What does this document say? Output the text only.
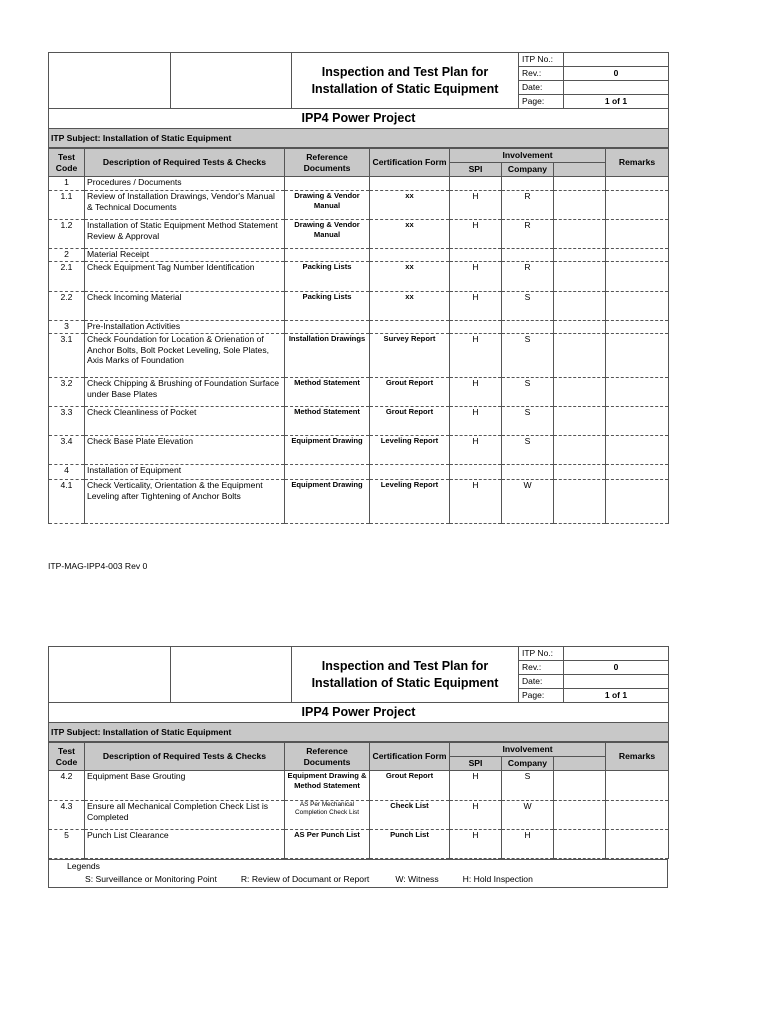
		Inspection and Test Plan for
Installation of Static Equipment	ITP No.:	
			Rev.:	0
			Date:	
			Page:	1 of 1
IPP4 Power Project				
ITP Subject: Installation of Static Equipment				
Test Code	Description of Required Tests & Checks	Reference Documents	Certification Form	Involvement			Remarks
				SPI	Company		
1	Procedures / Documents						
1.1	Review of Installation Drawings, Vendor's Manual & Technical Documents	Drawing & Vendor Manual	xx	H	R		
1.2	Installation of Static Equipment Method Statement Review & Approval	Drawing & Vendor Manual	xx	H	R		
2	Material Receipt						
2.1	Check Equipment Tag Number Identification	Packing Lists	xx	H	R		
2.2	Check Incoming Material	Packing Lists	xx	H	S		
3	Pre-Installation Activities						
3.1	Check Foundation for Location & Orienation of Anchor Bolts, Bolt Pocket Leveling, Sole Plates, Axis Marks of Foundation	Installation Drawings	Survey Report	H	S		
3.2	Check Chipping & Brushing of Foundation Surface under Base Plates	Method Statement	Grout Report	H	S		
3.3	Check Cleanliness of Pocket	Method Statement	Grout Report	H	S		
3.4	Check Base Plate Elevation	Equipment Drawing	Leveling Report	H	S		
4	Installation of Equipment						
4.1	Check Verticality, Orientation & the Equipment Leveling after Tightening of Anchor Bolts	Equipment Drawing	Leveling Report	H	W		
ITP-MAG-IPP4-003 Rev 0

		Inspection and Test Plan for
Installation of Static Equipment	ITP No.:	
			Rev.:	0
			Date:	
			Page:	1 of 1
IPP4 Power Project				
ITP Subject: Installation of Static Equipment				
Test Code	Description of Required Tests & Checks	Reference Documents	Certification Form	Involvement			Remarks
				SPI	Company		
4.2	Equipment Base Grouting	Equipment Drawing & Method Statement	Grout Report	H	S		
4.3	Ensure all Mechanical Completion Check List is Completed	AS Per Mechanical Completion Check List	Check List	H	W		
5	Punch List Clearance	AS Per Punch List	Punch List	H	H		
Legends
S: Surveillance or Monitoring Point	R: Review of Documant or Report	W: Witness	H: Hold Inspection
